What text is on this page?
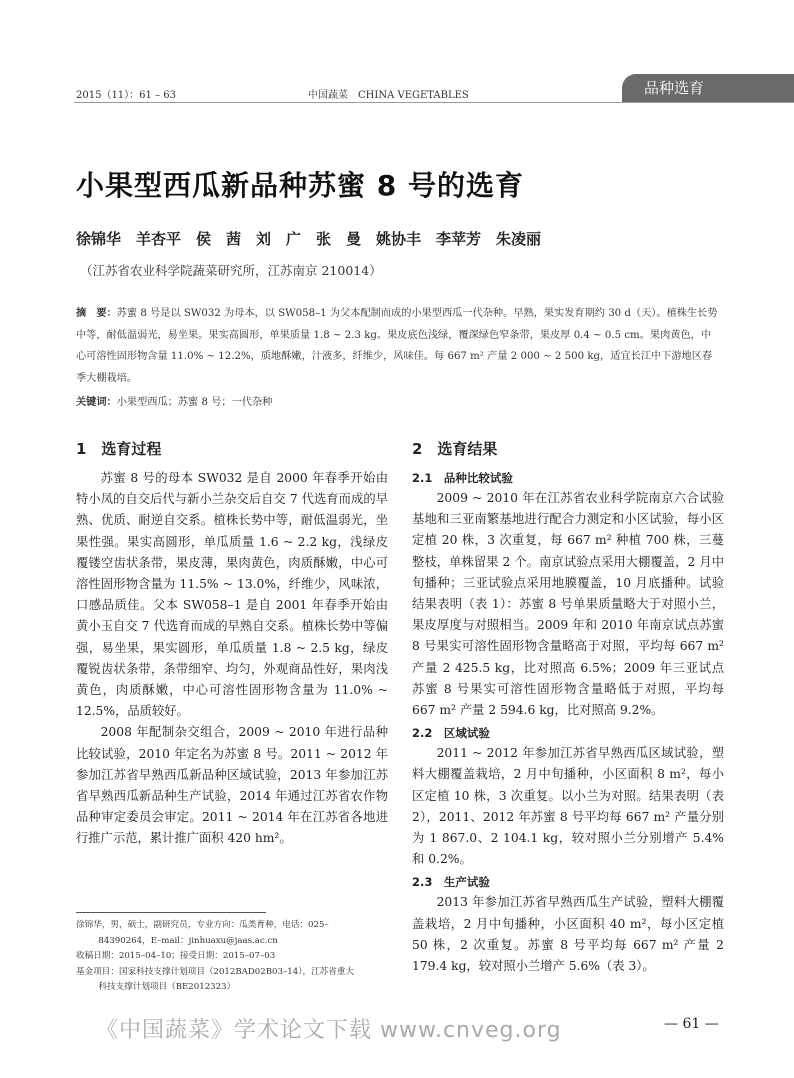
2015（11）：61 – 63	中国蔬菜　CHINA VEGETABLES	品种选育
小果型西瓜新品种苏蜜 8 号的选育
徐锦华　羊杏平　侯　茜　刘　广　张　曼　姚协丰　李苹芳　朱凌丽
（江苏省农业科学院蔬菜研究所，江苏南京 210014）
摘　要：苏蜜 8 号是以 SW032 为母本，以 SW058–1 为父本配制而成的小果型西瓜一代杂种。早熟，果实发育期约 30 d（天）。植株生长势中等，耐低温弱光，易坐果。果实高圆形，单果质量 1.8 ~ 2.3 kg。果皮底色浅绿，覆深绿色窄条带，果皮厚 0.4 ~ 0.5 cm。果肉黄色，中心可溶性固形物含量 11.0% ~ 12.2%，质地酥嫩，汁液多，纤维少，风味佳。每 667 m² 产量 2 000 ~ 2 500 kg，适宜长江中下游地区春季大棚栽培。
关键词：小果型西瓜；苏蜜 8 号；一代杂种
1　选育过程

苏蜜 8 号的母本 SW032 是自 2000 年春季开始由特小凤的自交后代与新小兰杂交后自交 7 代选育而成的早熟、优质、耐逆自交系。植株长势中等，耐低温弱光，坐果性强。果实高圆形，单瓜质量 1.6 ~ 2.2 kg，浅绿皮覆镂空齿状条带，果皮薄，果肉黄色，肉质酥嫩，中心可溶性固形物含量为 11.5% ~ 13.0%，纤维少，风味浓，口感品质佳。父本 SW058–1 是自 2001 年春季开始由黄小玉自交 7 代选育而成的早熟自交系。植株长势中等偏强，易坐果，果实圆形，单瓜质量 1.8 ~ 2.5 kg，绿皮覆锐齿状条带，条带细窄、均匀，外观商品性好，果肉浅黄色，肉质酥嫩，中心可溶性固形物含量为 11.0% ~ 12.5%，品质较好。

2008 年配制杂交组合，2009 ~ 2010 年进行品种比较试验，2010 年定名为苏蜜 8 号。2011 ~ 2012 年参加江苏省早熟西瓜新品种区域试验，2013 年参加江苏省早熟西瓜新品种生产试验，2014 年通过江苏省农作物品种审定委员会审定。2011 ~ 2014 年在江苏省各地进行推广示范，累计推广面积 420 hm²。

2　选育结果
2.1　品种比较试验

2009 ~ 2010 年在江苏省农业科学院南京六合试验基地和三亚南繁基地进行配合力测定和小区试验，每小区定植 20 株，3 次重复，每 667 m² 种植 700 株，三蔓整枝，单株留果 2 个。南京试验点采用大棚覆盖，2 月中旬播种；三亚试验点采用地膜覆盖，10 月底播种。试验结果表明（表 1）：苏蜜 8 号单果质量略大于对照小兰，果皮厚度与对照相当。2009 年和 2010 年南京试点苏蜜 8 号果实可溶性固形物含量略高于对照，平均每 667 m² 产量 2 425.5 kg，比对照高 6.5%；2009 年三亚试点苏蜜 8 号果实可溶性固形物含量略低于对照，平均每 667 m² 产量 2 594.6 kg，比对照高 9.2%。

2.2　区域试验

2011 ~ 2012 年参加江苏省早熟西瓜区域试验，塑料大棚覆盖栽培，2 月中旬播种，小区面积 8 m²，每小区定植 10 株，3 次重复。以小兰为对照。结果表明（表 2），2011、2012 年苏蜜 8 号平均每 667 m² 产量分别为 1 867.0、2 104.1 kg，较对照小兰分别增产 5.4% 和 0.2%。

2.3　生产试验

2013 年参加江苏省早熟西瓜生产试验，塑料大棚覆盖栽培，2 月中旬播种，小区面积 40 m²，每小区定植 50 株，2 次重复。苏蜜 8 号平均每 667 m² 产量 2 179.4 kg，较对照小兰增产 5.6%（表 3）。

徐锦华，男，硕士，副研究员，专业方向：瓜类育种，电话：025–

84390264，E–mail：jinhuaxu@jaas.ac.cn

收稿日期：2015–04–10；接受日期：2015–07–03

基金项目：国家科技支撑计划项目（2012BAD02B03–14），江苏省重大

科技支撑计划项目（BE2012323）

《中国蔬菜》学术论文下载 www.cnveg.org	— 61 —
